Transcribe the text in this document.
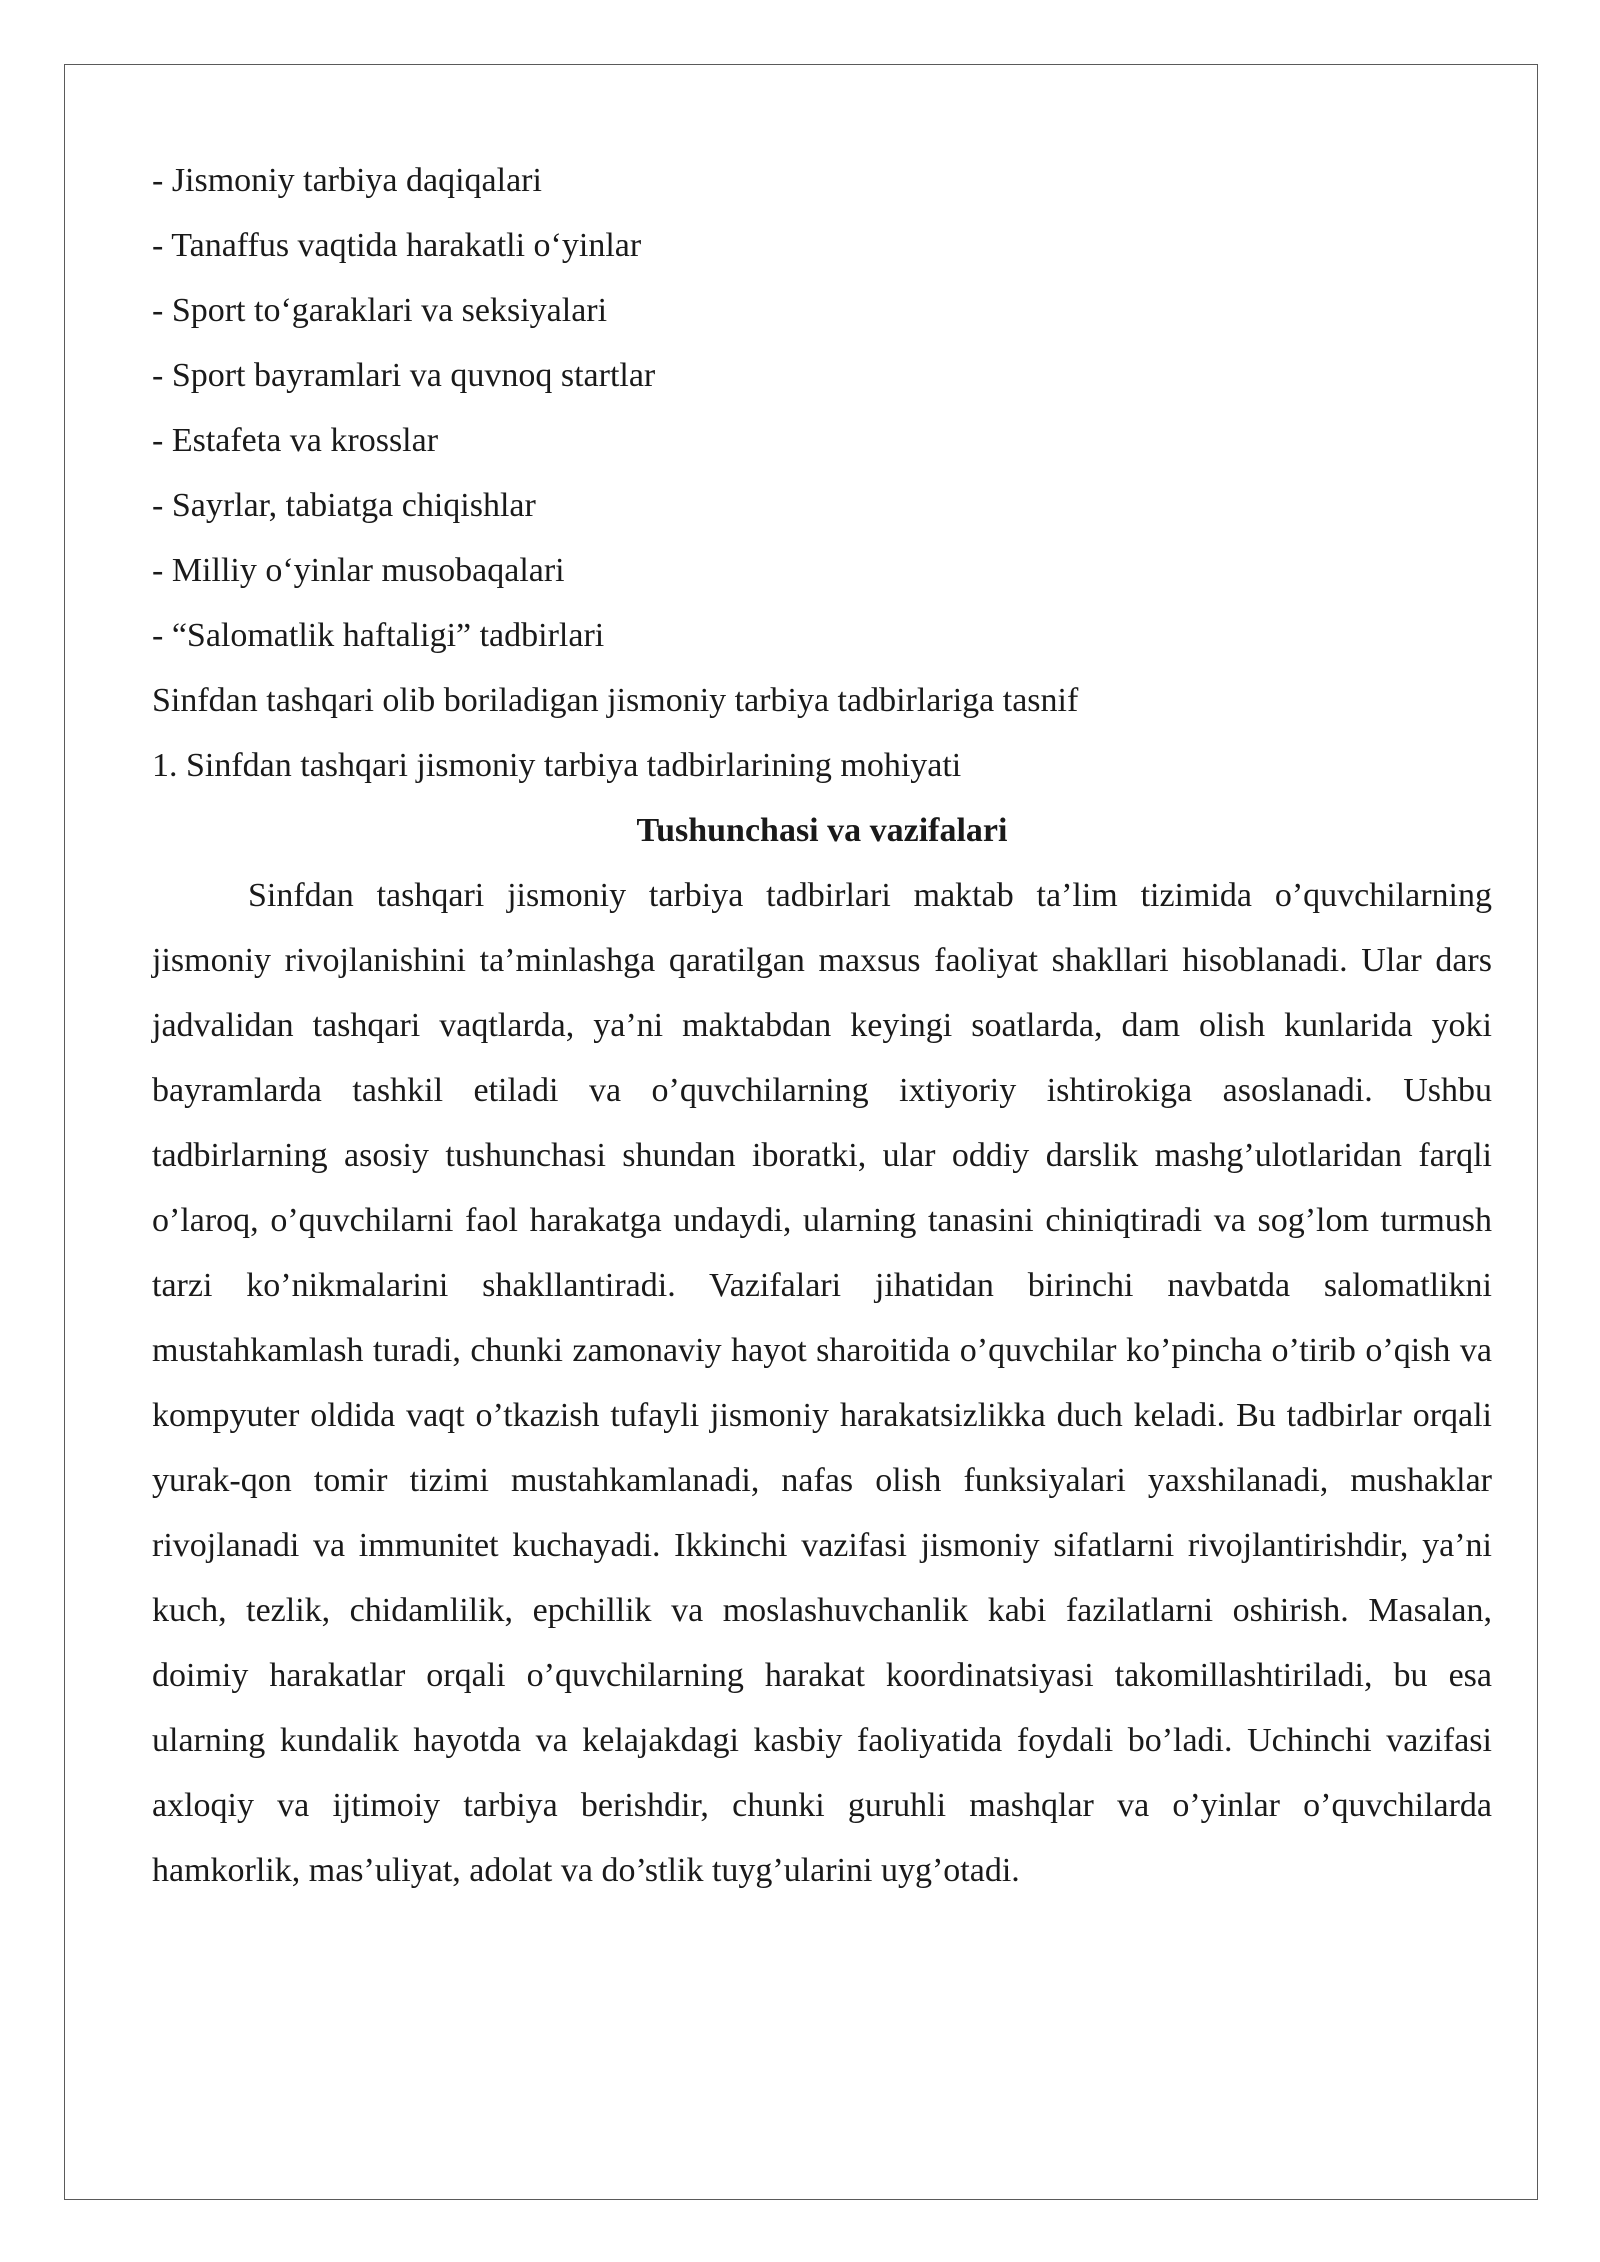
- Jismoniy tarbiya daqiqalari

- Tanaffus vaqtida harakatli o‘yinlar

- Sport to‘garaklari va seksiyalari

- Sport bayramlari va quvnoq startlar

- Estafeta va krosslar

- Sayrlar, tabiatga chiqishlar

- Milliy o‘yinlar musobaqalari

- “Salomatlik haftaligi” tadbirlari

Sinfdan tashqari olib boriladigan jismoniy tarbiya tadbirlariga tasnif

1. Sinfdan tashqari jismoniy tarbiya tadbirlarining mohiyati

Tushunchasi va vazifalari

Sinfdan tashqari jismoniy tarbiya tadbirlari maktab ta’lim tizimida o’quvchilarning jismoniy rivojlanishini ta’minlashga qaratilgan maxsus faoliyat shakllari hisoblanadi. Ular dars jadvalidan tashqari vaqtlarda, ya’ni maktabdan keyingi soatlarda, dam olish kunlarida yoki bayramlarda tashkil etiladi va o’quvchilarning ixtiyoriy ishtirokiga asoslanadi. Ushbu tadbirlarning asosiy tushunchasi shundan iboratki, ular oddiy darslik mashg’ulotlaridan farqli o’laroq, o’quvchilarni faol harakatga undaydi, ularning tanasini chiniqtiradi va sog’lom turmush tarzi ko’nikmalarini shakllantiradi. Vazifalari jihatidan birinchi navbatda salomatlikni mustahkamlash turadi, chunki zamonaviy hayot sharoitida o’quvchilar ko’pincha o’tirib o’qish va kompyuter oldida vaqt o’tkazish tufayli jismoniy harakatsizlikka duch keladi. Bu tadbirlar orqali yurak-qon tomir tizimi mustahkamlanadi, nafas olish funksiyalari yaxshilanadi, mushaklar rivojlanadi va immunitet kuchayadi. Ikkinchi vazifasi jismoniy sifatlarni rivojlantirishdir, ya’ni kuch, tezlik, chidamlilik, epchillik va moslashuvchanlik kabi fazilatlarni oshirish. Masalan, doimiy harakatlar orqali o’quvchilarning harakat koordinatsiyasi takomillashtiriladi, bu esa ularning kundalik hayotda va kelajakdagi kasbiy faoliyatida foydali bo’ladi. Uchinchi vazifasi axloqiy va ijtimoiy tarbiya berishdir, chunki guruhli mashqlar va o’yinlar o’quvchilarda hamkorlik, mas’uliyat, adolat va do’stlik tuyg’ularini uyg’otadi.
